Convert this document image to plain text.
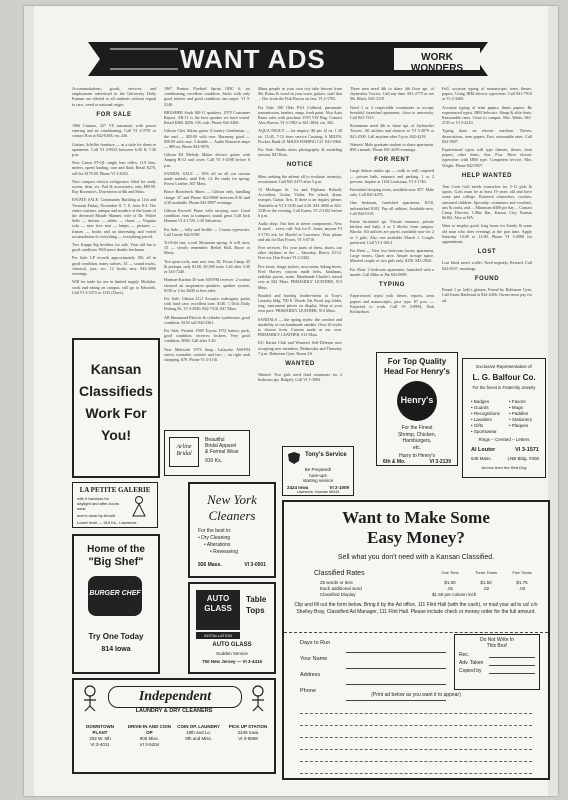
WANT ADS	WORK WONDERS

Accommodations, goods, services, and employment advertised in the University Daily Kansan are offered to all students without regard to race, creed or national origin.

FOR SALE

1966 Camaro, 327 V8 automatic with power steering and air conditioning. Call VI 2-0791 or contact Ron at 842-8168, rm. 246.

Guitars, Schiffer furniture — as a style for dorm or apartment. Call VI 2-0923 between 6:30 & 7:30 p.m.

New Canon FT-QL single lens reflex, f1.8 lens, meters, speed loading, case and flash. Retail $270, sell for $170.00. Phone VI 3-6352.

New compact electric refrigerator. Ideal for study rooms, dens, etc. Pad & accessories, only $89.99. Ray Boonstra's, Downtown at 8th and Mass.

ESTATE SALE: Community Building at 11th and Vermont Friday, November 8, 7, 8, from 8-4. The entire contents, antique and modern of the home of the deceased Maude Skinner, wife of Dr. Walter Sells — dresser — tables — chairs — Virginia sofa — new love seat — lamps — pictures — frames — books and an interesting and varied accumulation of everything — everything priced.

Two Kappa Sig brothers for sale. Your old hat is good condition. Will move thanks freshman.

For Sale: LP records approximately 100, all in good condition, many rarities. 33 — sound tracks, classical, jazz, etc. 12 books new. 842-3060 evenings.

Will for trade for use in limited supply. Modular, work and eating on campus, will go to Edwards. Call VI 3-3374 or 1335 (Dave).

1967 Pontiac Firebird Sprint OHC 6, air conditioning, excellent condition. Sacks with only good interior and good condition, tan carpet. VI 3-2140.

BRUSHER Stark AR-11 speakers, 1970 Consumer Report. AR-11 is the best speaker we have tested. Retail $360, $256. UK cash. Phone 842-3400.

Gibson Chet Atkins guitar (Country Gentleman — the one) — $50.00 with case. Harmony good — $50.00 with case. 3 double — Audio Research amps — $89 ea. Phone 842-9076.

Gibson ES Melody Maker electric guitar with Ampeg B-12 and cover. Call VI 3-4598 before 6 p.m.

SANDAL SALE — 30% off on all our custom made sandals, until Feb. 14. Be ready for spring. Forest Leather, 847 Mass.

Bruce Bootcheck Shoes — Gibson only, handling charge. $7 and Phone 842-0960 between 8:30 and 4:30 available. Phone 842-0997 evenings.

Gibson Krowell Piano with carrying case. Good condition, easy to transport, sound great. Call Jack Hannon VI 2-1720, 1:30 Salvation.

For Sale — Jelly and Sniffle — Corona typewriter. Call Carole 842-6590.

Tri-Fold fast, a real Mountain spring: It will carry 13 — clearly remember, Bethel Hall, Bruce or Marty.

Tire sport tools, near new rear, $2. Pecan Camp, 45 lb pickups, only $1.00, $5,000 each. Call after 5:30 or 543-7240.

Harmon-Kardon 30 watt AM-FM receiver: 2 walnut encased air suspension speakers, speaker system. $150 or 2 for $200 or best offer.

For Sale: Gibson LG1 Acoustic mahogany guitar with hard case, excellent tone. $140. 1 Dick Daily Fishing Dr, VI 3-2940, 842-7316, 847 Mass.

AR Hammond Electric & cylinder synthesizer, good condition. $150 call 842-3361.

For Sale: Pioneer 1969 Toyota 1972 battery pack, good condition, receiver, lockers. Very good condition, $500. Call after 5:30.

New Melntosh 1973 Amp., Lafayette AM-FM stereo, turntable, cassette and two ... on right cash shopping. $79. Phone VI 3-3116.

Many people in your own city take lessons from Mr. Rufus & wood in your town, guitars, stuff that ... Doc from the Fisk Brown on fast, VI 2-1765.

For Sale: 390 Olds P-61 Caliberd, pneumatic transmission, headers, mags, fresh paint. Also Auto Brass sales with purchase 1970 VW Bug. Contact Alex Brown, VI 3-1982 or 841-2694, rm. 302.

AQUA TROUT — for inquiry: $6 per 12 oz. 1 20 oz. 13:45, 7-12 from service Cruising, 6 MILES, Fischer, Bank 41 MILES FISHING CO. 841-3966.

For Sale: Studio dress photography & modeling session, 841 Ross.

NOTICE

Mass seeking the advent all to evaluate, intensity, recruitment. Call 841-2475 after 5 p.m.

13 Michigan St. 1st and Diploma Rebuilt, Accordion, Guitar, Violin, Pre school, drum, trumpet, Guitar, Arts. If there is an inquiry please, Tombello at VI 3-3100 and 4:30. 843-4800 or 842-2330 in the evening. Call Karen, VI 2-3102 before 6 p.m.

Audio shop. Our best in stereo components. New & used ... every call. Ask for E. Jones, anyone VI 3-1710 ask for Harold in Lawrence. Your phone and ask for Dan Foster, VI 3-0710.

Free services. Fix your parts of dress, shoes, our other rhythms in the ... Saturday, Heavy 10-12. Free tea, Dan Foster VI 2-2302.

Fire boats, fringe jackets, moccasins, hiking boots, Fred Harvey custom made belts, bandanas, sealskin purses, notes. Handmade Charlie's mixed vest at 842 Mass. PRIMARILY LEATHER, 913 Mass.

Braided and bootleg leather-items at Tony's Laundry bldg, 700 E. Woods 5th, Road, jog folder, ring, instrument pieces on display. Shop at your own pace. PRIMARILY LEATHER, 913 Mass.

SANDALS — the spring styles: the comfort and durability of our handmade sandals. Over 20 styles to choose from. Custom made at our own. PRIMARILY LEATHER, 913 Mass.

KU Karate Club and Women's Self-Defense now accepting new members. Wednesday and Thursday 7 p.m. Robinson Gym. Room 2A.

WANTED

Wanted: Two girls need third roommate for 2 bedroom apt. Ridgely, Call VI 3-3904.

Three men need 4th to share 4th floor apt. of Jayhawker Towers. Call any time. 841-2775 or see Mr. Black, 842-3119.

Need 1 or 2 respectable roommates to occupy beautiful furnished apartment, close to university. Call 841-7313.

Roommate need 4th to share apt. of Jayhawker Towers. All utilities and chances to VI 3-4070 or 841-4500. Call anytime after 5 p.m. 842-4218.

Wanted: Male graduate student to share apartment. $50 a month. Phone 841-2659 evenings.

FOR RENT

Large deluxe studio apt — walk to wall carpeted — private bath, entrance and parking. 1 or 2 persons. Inquire at 1104 Louisiana, VI 3-1740.

Furnished sleeping room, available now. $57. Male only. Call 841-4476.

One bedroom, furnished apartment, $110, unfurnished $105. Pay all utilities. Available now. Call 842-0116.

Entire furnished apt. Private entrance, private kitchen and bath, 4 or 5 blocks from campus. Blocks: All utilities are payed, available now for 2 or 3 girls. Also one available March 1. Couple preferred. Call VI 3-4614.

For Rent — New two bedroom luxury apartment, Large rooms, Quiet area. Ample storage space. Married couple or two girls only. $150. 843-2920.

For Rent: 2 bedroom apartment, furnished with a month. Call Mike or Pat 843-0698.

TYPING

Experienced typist with theses, reports, term papers and manuscripts, pica type. $7 p.m. — Expected to work. Call VI 2-8994, Dirk Richardson.

Full, accurate typing of manuscripts, term, theses, papers. Using IBM electric typewriter. Call 841-7910 or VI 2-3400.

Accurate typing of term papers, thesis papers. Be experienced typist. IBM Selectric. Sharp & elite fonts. Reasonable rates. Close to campus. Mrs. Wales, 841-4745 or VI 3-4210.

Typing done on electric machine. Theses, dissertations, term papers, Fast. reasonable rates. Call 843-3907.

Experienced typist will type themes, theses, term papers, other items. Ans. Pica. Have electric typewriter with IBM type. Competent service. Mrs. Wright. Phone 842-5907.

HELP WANTED

Tom Cone Golf needs counselors for 5-12 girls & sports. Girls must be at least 19 years old and have some past college. Rostered counselors, coaches, seasoned children. Specialty: swimmers and vocalists, arts & crafts, and ... Minimum $400 per day ... Contact Camp Director, L/Bar Bar, Kansas City, Kansas 66102. Also at WA.

Want to employ good, long hours for Sturdy & some old man who does evenings at the part time. Apply Saturday 10:00 to 12:00. Phone VI 3-2080 for appointment.

LOST

Lost black men's wallet. Need urgently, Reward. Call 842-6537, mornings.

FOUND

Found 1 pr. lady's glasses. Found by Robinson Gym. Call Jonen Hatlestad at 842-4456. Owner must pay for ad.

Kansan Classifieds Work For You!
LA PETITE GALERIE
with it fashions for daylight and after-hours wear
men's wear by Arnold
Lower level — 910 Ks., Lawrence
Home of the
"Big Shef"
BURGER CHEF
Try One Today
814 Iowa
Arline Bridal
Beautiful
Bridal Apparel
& Formal Wear
910 Ks.
New York
Cleaners
For the best in:
• Dry Cleaning
• Alterations
• Reweaving
926 Mass.	VI 3-0501
AUTO GLASS
Table
Tops
INSTALLATION
AUTO GLASS
Sudden Service
750 New Jersey — VI 3-4416
Tony's Service
Be Prepared!
tune-ups
starting service
2424 Iowa	VI 2-1009
Lawrence, Kansas 66044
For Top Quality Head For Henry's
Henry's
For the Finest
Shrimp, Chicken,
Hamburgers,
etc.
Hurry to Henry's
6th & Mo.	VI 3-2139
Exclusive Representative of
L. G. Balfour Co.
For the finest in Fraternity Jewelry
• Badges
• Guards
• Recognitions
• Lavaliers
• Gifts
• Sportswear
• Favors
• Mugs
• Paddles
• Stationery
• Plaques
Rings – Crested – Letters
Al Louter	VI 3-1571
645 Mass.	LNB Bldg. #306
Across from the Red Dog
Independent
LAUNDRY & DRY CLEANERS
DOWNTOWN PLANT
202 W. 6th
VI 3-4011
DRIVE-IN AND COIN OP
900 Miss.
VI 3-5204
COIN OP. LAUNDRY
19th and Lo.
9th and Miss.
PICK UP STATION
2246 Iowa
VI 3-9868
Want to Make Some
Easy Money?
Sell what you don't need with a Kansan Classified.
Classified Rates	One Time	Three Times	Five Times
25 words or less	$1.00	$1.50	$1.75
Each additional word	.01	.02	.03
Classified Display	$1.50 per column inch
Clip and fill out the form below. Bring it by the Ad office, 111 Flint Hall (with the cash), or mail your ad to us! c/o Shelley Bray, Classified Ad Manager, 111 Flint Hall. Please include check or money order for the full amount.
Days to Run
Your Name
Address
Phone
Do Not Write In
This Box!
Rec.
Adv. Taken
Copied by
(Print ad below as you want it to appear)
